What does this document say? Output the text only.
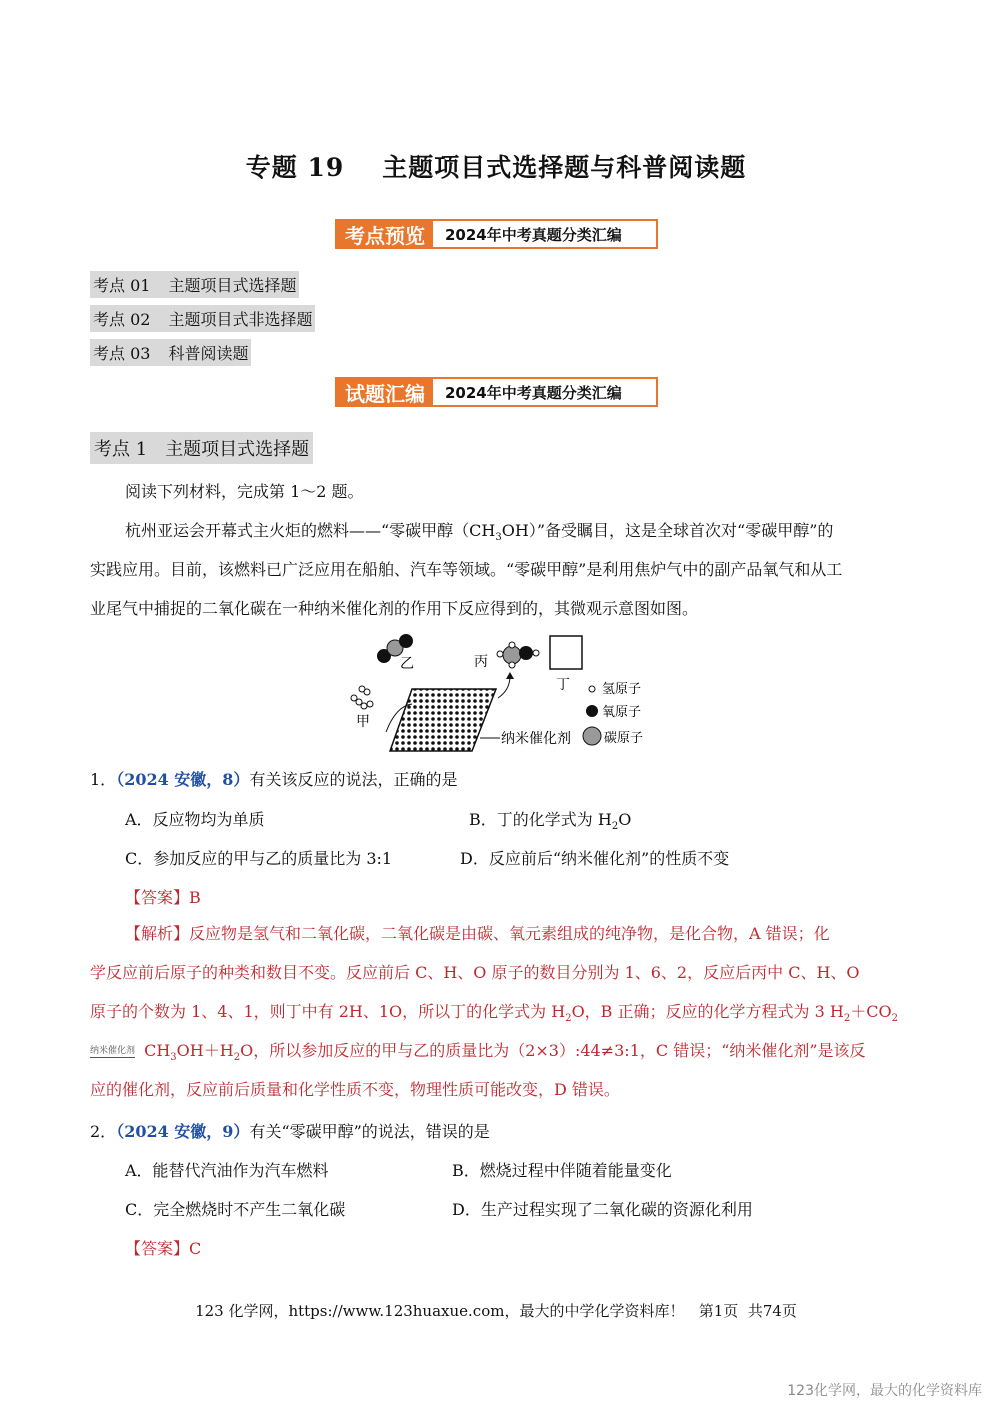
专题 19 主题项目式选择题与科普阅读题
考点预览	2024年中考真题分类汇编
考点 01 主题项目式选择题
考点 02 主题项目式非选择题
考点 03 科普阅读题
试题汇编	2024年中考真题分类汇编
考点 1 主题项目式选择题
阅读下列材料，完成第 1～2 题。
杭州亚运会开幕式主火炬的燃料——“零碳甲醇$(CH_3OH)$”备受瞩目，这是全球首次对“零碳甲醇”的
实践应用。目前，该燃料已广泛应用在船舶、汽车等领域。“零碳甲醇”是利用焦炉气中的副产品氧气和从工
业尾气中捕捉的二氧化碳在一种纳米催化剂的作用下反应得到的，其微观示意图如图。
乙	丙
丁
甲
纳米催化剂
氢原子
氧原子
碳原子
1．（2024 安徽，8）有关该反应的说法，正确的是
A．反应物均为单质	B．丁的化学式为 $H_2O$
C．参加反应的甲与乙的质量比为 3:1	D．反应前后“纳米催化剂”的性质不变
【答案】B
【解析】反应物是氢气和二氧化碳，二氧化碳是由碳、氧元素组成的纯净物，是化合物，A 错误；化
学反应前后原子的种类和数目不变。反应前后 C、H、O 原子的数目分别为 1、6、2，反应后丙中 C、H、O
原子的个数为 1、4、1，则丁中有 2H、1O，所以丁的化学式为 $H_2O$，B 正确；反应的化学方程式为 3 $H_2+CO_2$
纳米催化剂 $CH_3OH+H_2O$，所以参加反应的甲与乙的质量比为（2×3）:44≠3:1，C 错误；“纳米催化剂”是该反
应的催化剂，反应前后质量和化学性质不变，物理性质可能改变，D 错误。
2．（2024 安徽，9）有关“零碳甲醇”的说法，错误的是
A．能替代汽油作为汽车燃料	B．燃烧过程中伴随着能量变化
C．完全燃烧时不产生二氧化碳	D．生产过程实现了二氧化碳的资源化利用
【答案】C
123 化学网，https://www.123huaxue.com，最大的中学化学资料库！   第1页  共74页
123化学网，最大的化学资料库
